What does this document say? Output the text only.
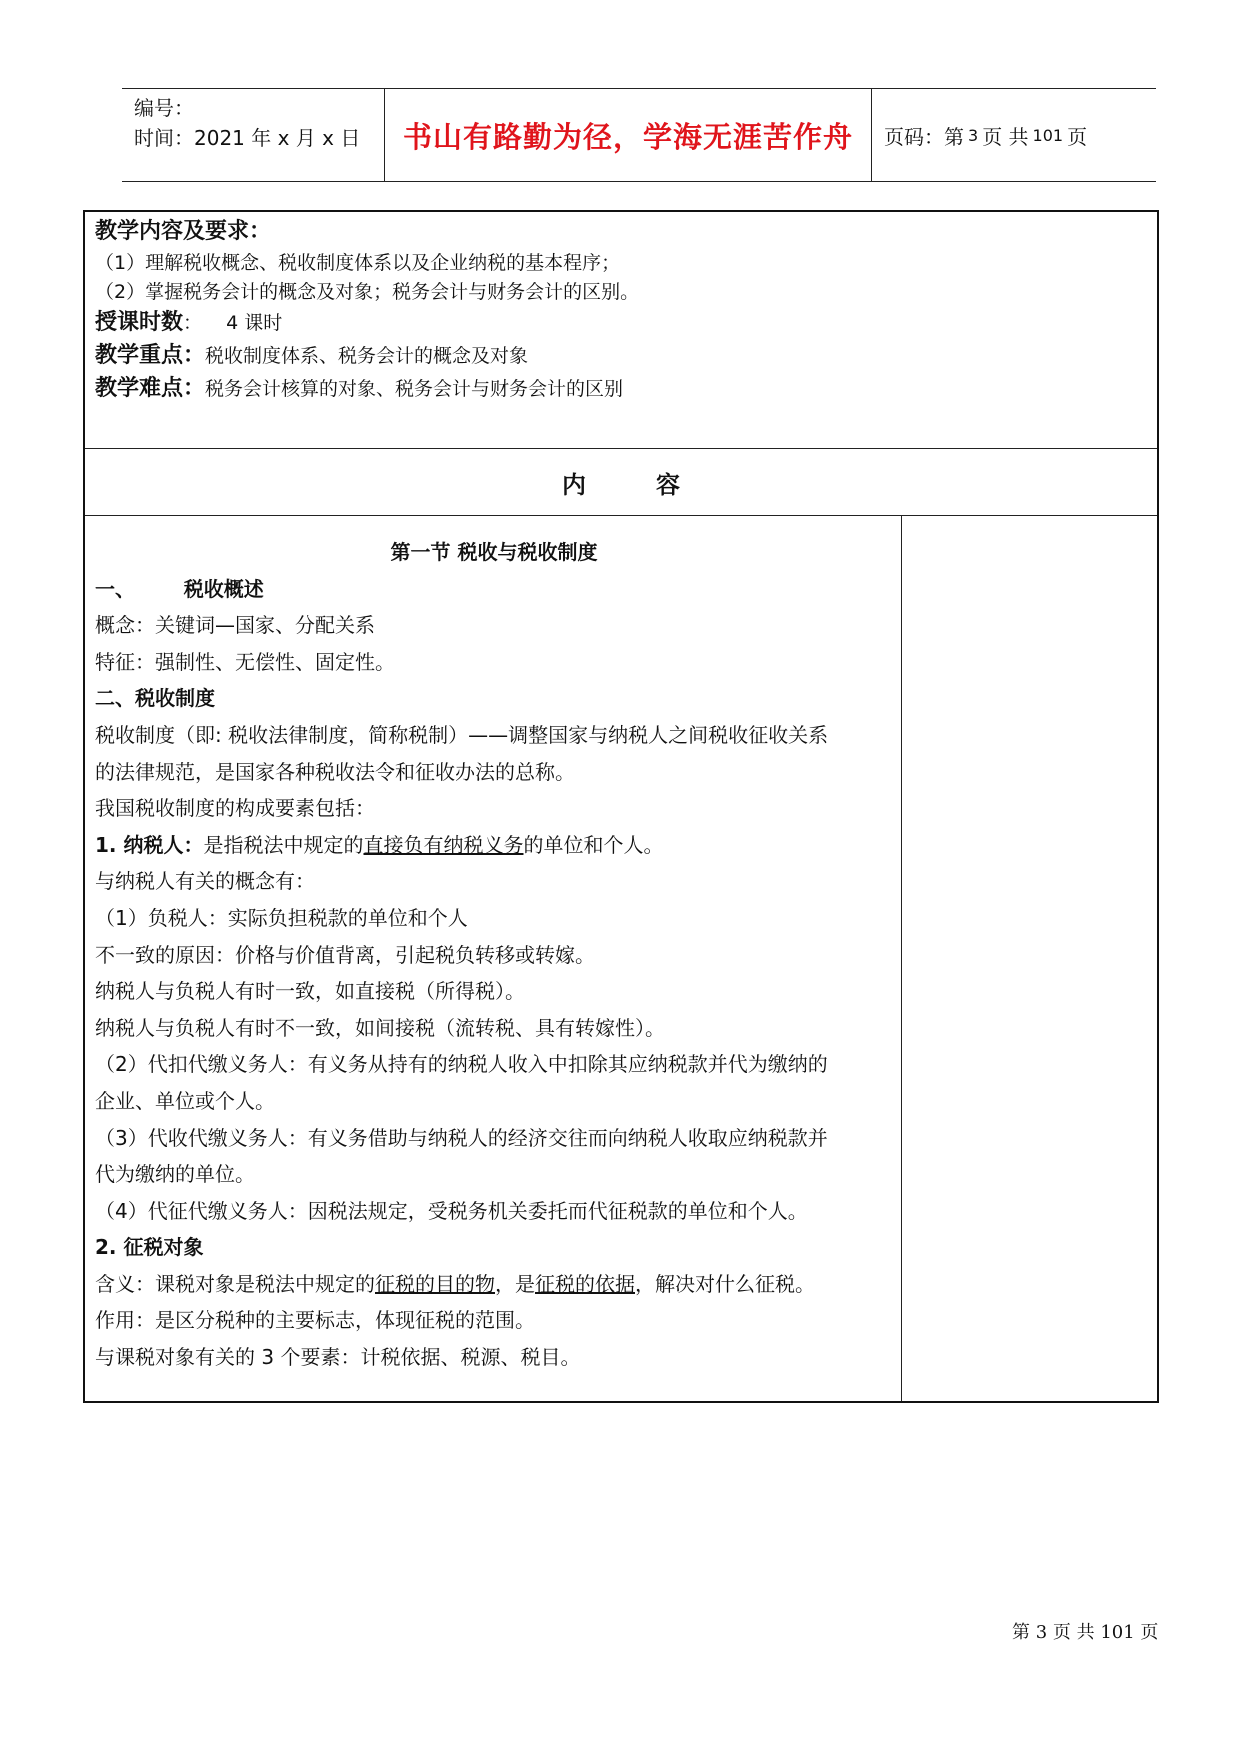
编号：
时间：2021 年 x 月 x 日	书山有路勤为径，学海无涯苦作舟	页码：第 3 页 共 101 页
教学内容及要求：
（1）理解税收概念、税收制度体系以及企业纳税的基本程序；
（2）掌握税务会计的概念及对象；税务会计与财务会计的区别。
授课时数： 4 课时
教学重点：税收制度体系、税务会计的概念及对象
教学难点：税务会计核算的对象、税务会计与财务会计的区别
内容
第一节 税收与税收制度
一、       税收概述
概念：关键词—国家、分配关系
特征：强制性、无偿性、固定性。
二、税收制度
税收制度（即: 税收法律制度，简称税制）——调整国家与纳税人之间税收征收关系
的法律规范，是国家各种税收法令和征收办法的总称。
我国税收制度的构成要素包括：
1. 纳税人：是指税法中规定的直接负有纳税义务的单位和个人。
与纳税人有关的概念有：
（1）负税人：实际负担税款的单位和个人
不一致的原因：价格与价值背离，引起税负转移或转嫁。
纳税人与负税人有时一致，如直接税（所得税）。
纳税人与负税人有时不一致，如间接税（流转税、具有转嫁性）。
（2）代扣代缴义务人：有义务从持有的纳税人收入中扣除其应纳税款并代为缴纳的
企业、单位或个人。
（3）代收代缴义务人：有义务借助与纳税人的经济交往而向纳税人收取应纳税款并
代为缴纳的单位。
（4）代征代缴义务人：因税法规定，受税务机关委托而代征税款的单位和个人。
2. 征税对象
含义：课税对象是税法中规定的征税的目的物，是征税的依据，解决对什么征税。
作用：是区分税种的主要标志，体现征税的范围。
与课税对象有关的 3 个要素：计税依据、税源、税目。
第 3 页 共 101 页
